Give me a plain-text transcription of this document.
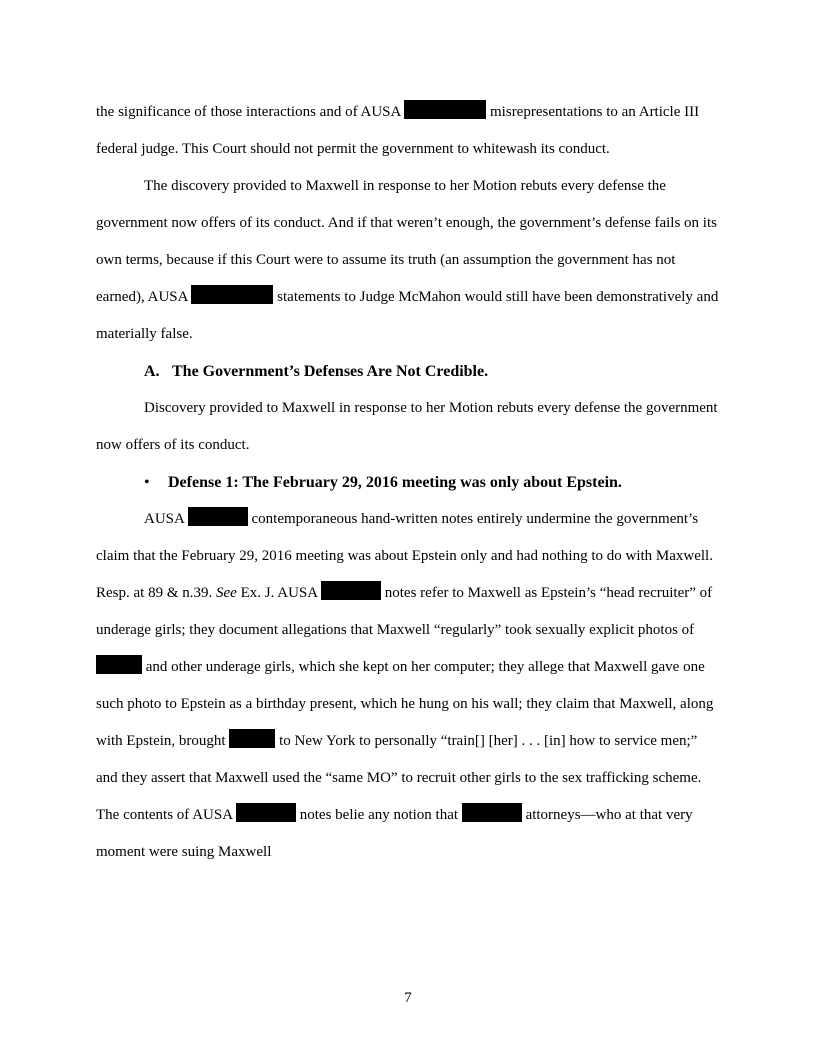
the significance of those interactions and of AUSA	misrepresentations to an Article III federal judge. This Court should not permit the government to whitewash its conduct.

The discovery provided to Maxwell in response to her Motion rebuts every defense the government now offers of its conduct. And if that weren’t enough, the government’s defense fails on its own terms, because if this Court were to assume its truth (an assumption the government has not earned), AUSA	statements to Judge McMahon would still have been demonstratively and materially false.

A. The Government’s Defenses Are Not Credible.

Discovery provided to Maxwell in response to her Motion rebuts every defense the government now offers of its conduct.

• Defense 1: The February 29, 2016 meeting was only about Epstein.

AUSA	contemporaneous hand-written notes entirely undermine the government’s claim that the February 29, 2016 meeting was about Epstein only and had nothing to do with Maxwell. Resp. at 89 & n.39. See Ex. J. AUSA	notes refer to Maxwell as Epstein’s “head recruiter” of underage girls; they document allegations that Maxwell “regularly” took sexually explicit photos of  and other underage girls, which she kept on her computer; they allege that Maxwell gave one such photo to Epstein as a birthday present, which he hung on his wall; they claim that Maxwell, along with Epstein, brought	to New York to personally “train[] [her] . . . [in] how to service men;” and they assert that Maxwell used the “same MO” to recruit other girls to the sex trafficking scheme. The contents of AUSA	notes belie any notion that	attorneys—who at that very moment were suing Maxwell

7
